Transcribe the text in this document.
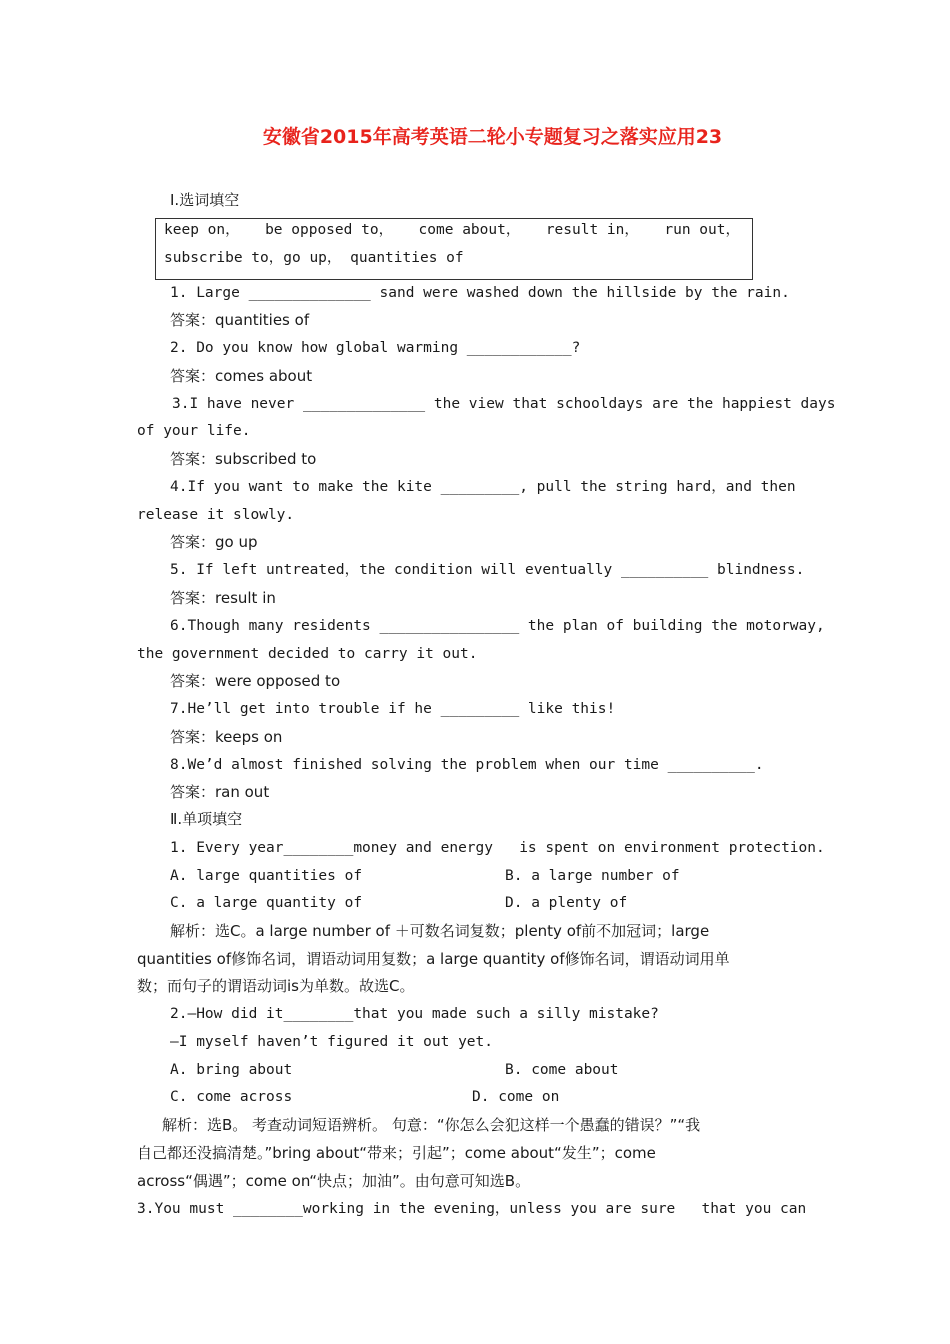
安徽省2015年高考英语二轮小专题复习之落实应用23
Ⅰ.选词填空
keep on， be opposed to， come about， result in， run out，
subscribe to，go up， quantities of
1. Large ______________ sand were washed down the hillside by the rain.
答案：quantities of
2. Do you know how global warming ____________?
答案：comes about
3.I have never ______________ the view that schooldays are the happiest days
of your life.
答案：subscribed to
4.If you want to make the kite _________, pull the string hard，and then
release it slowly.
答案：go up
5. If left untreated，the condition will eventually __________ blindness.
答案：result in
6.Though many residents ________________ the plan of building the motorway,
the government decided to carry it out.
答案：were opposed to
7.He’ll get into trouble if he _________ like this!
答案：keeps on
8.We’d almost finished solving the problem when our time __________.
答案：ran out
Ⅱ.单项填空
1. Every year________money and energy   is spent on environment protection.
A. large quantities of	B. a large number of
C. a large quantity of	D. a plenty of
解析：选C。a large number of ＋可数名词复数；plenty of前不加冠词；large
quantities of修饰名词，谓语动词用复数；a large quantity of修饰名词，谓语动词用单
数；而句子的谓语动词is为单数。故选C。
2.—How did it________that you made such a silly mistake?
—I myself haven’t figured it out yet.
A. bring about	B. come about
C. come across	D. come on
解析：选B。 考查动词短语辨析。 句意：“你怎么会犯这样一个愚蠢的错误？”“我
自己都还没搞清楚。”bring about“带来；引起”；come about“发生”；come
across“偶遇”；come on“快点；加油”。由句意可知选B。
3.You must ________working in the evening，unless you are sure   that you can
